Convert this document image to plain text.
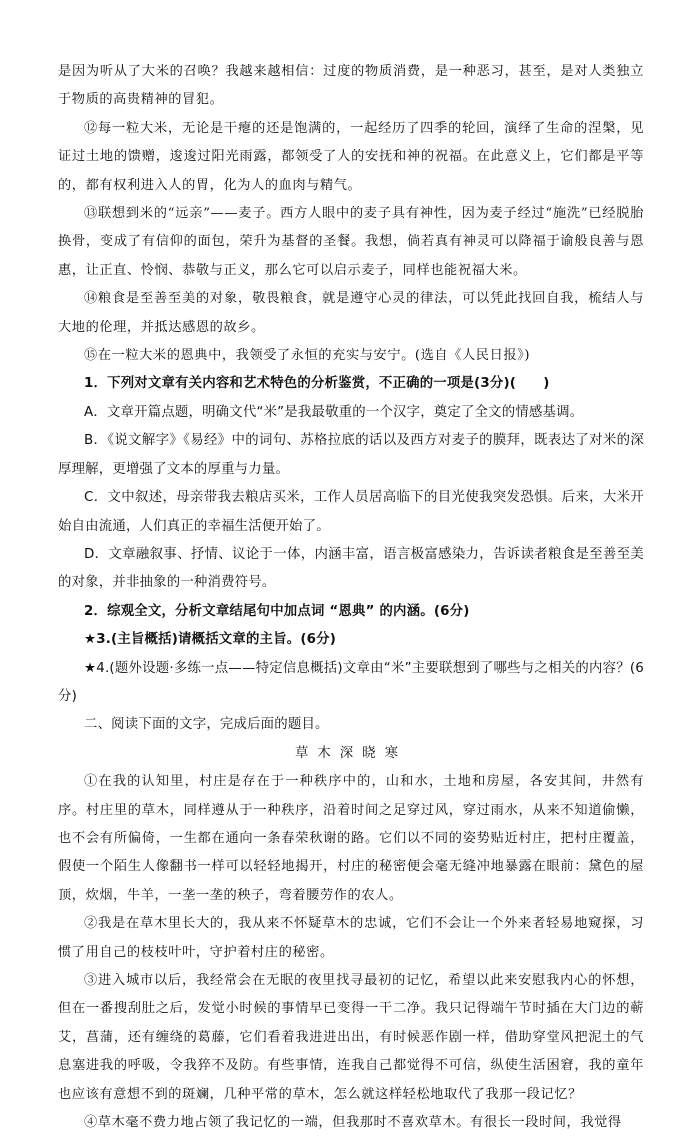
是因为听从了大米的召唤？我越来越相信：过度的物质消费，是一种恶习，甚至，是对人类独立于物质的高贵精神的冒犯。

⑫每一粒大米，无论是干瘪的还是饱满的，一起经历了四季的轮回，演绎了生命的涅槃，见证过土地的馈赠，逡逡过阳光雨露，都领受了人的安抚和神的祝福。在此意义上，它们都是平等的，都有权利进入人的胃，化为人的血肉与精气。

⑬联想到米的“远亲”——麦子。西方人眼中的麦子具有神性，因为麦子经过“施洗”已经脱胎换骨，变成了有信仰的面包，荣升为基督的圣餐。我想，倘若真有神灵可以降福于谕般良善与恩惠，让正直、怜悯、恭敬与正义，那么它可以启示麦子，同样也能祝福大米。

⑭粮食是至善至美的对象，敬畏粮食，就是遵守心灵的律法，可以凭此找回自我，梳结人与大地的伦理，并抵达感恩的故乡。

⑮在一粒大米的恩典中，我领受了永恒的充实与安宁。(选自《人民日报》)

1．下列对文章有关内容和艺术特色的分析鉴赏，不正确的一项是(3分)(　　)

A．文章开篇点题，明确文代“米”是我最敬重的一个汉字，奠定了全文的情感基调。

B．《说文解字》《易经》中的词句、苏格拉底的话以及西方对麦子的膜拜，既表达了对米的深厚理解，更增强了文本的厚重与力量。

C．文中叙述，母亲带我去粮店买米，工作人员居高临下的目光使我突发恐惧。后来，大米开始自由流通，人们真正的幸福生活便开始了。

D．文章融叙事、抒情、议论于一体，内涵丰富，语言极富感染力，告诉读者粮食是至善至美的对象，并非抽象的一种消费符号。

2．综观全文，分析文章结尾句中加点词 “恩典” 的内涵。(6分)

★3.(主旨概括)请概括文章的主旨。(6分)

★4.(题外设题·多练一点——特定信息概括)文章由“米”主要联想到了哪些与之相关的内容？(6分)

二、阅读下面的文字，完成后面的题目。

草木深晓寒

①在我的认知里，村庄是存在于一种秩序中的，山和水，土地和房屋，各安其间，井然有序。村庄里的草木，同样遵从于一种秩序，沿着时间之足穿过风，穿过雨水，从来不知道偷懒，也不会有所偏倚，一生都在通向一条春荣秋谢的路。它们以不同的姿势贴近村庄，把村庄覆盖，假使一个陌生人像翻书一样可以轻轻地揭开，村庄的秘密便会毫无缝冲地暴露在眼前：黛色的屋顶，炊烟，牛羊，一垄一垄的秧子，弯着腰劳作的农人。

②我是在草木里长大的，我从来不怀疑草木的忠诚，它们不会让一个外来者轻易地窥探，习惯了用自己的枝枝叶叶，守护着村庄的秘密。

③进入城市以后，我经常会在无眠的夜里找寻最初的记忆，希望以此来安慰我内心的怀想，但在一番搜刮肚之后，发觉小时候的事情早已变得一干二净。我只记得端午节时插在大门边的蕲艾，菖蒲，还有缠绕的葛藤，它们看着我进进出出，有时候恶作剧一样，借助穿堂风把泥土的气息塞进我的呼吸，令我猝不及防。有些事情，连我自己都觉得不可信，纵使生活困窘，我的童年也应该有意想不到的斑斓，几种平常的草木，怎么就这样轻松地取代了我那一段记忆？

④草木毫不费力地占领了我记忆的一端，但我那时不喜欢草木。有很长一段时间，我觉得
